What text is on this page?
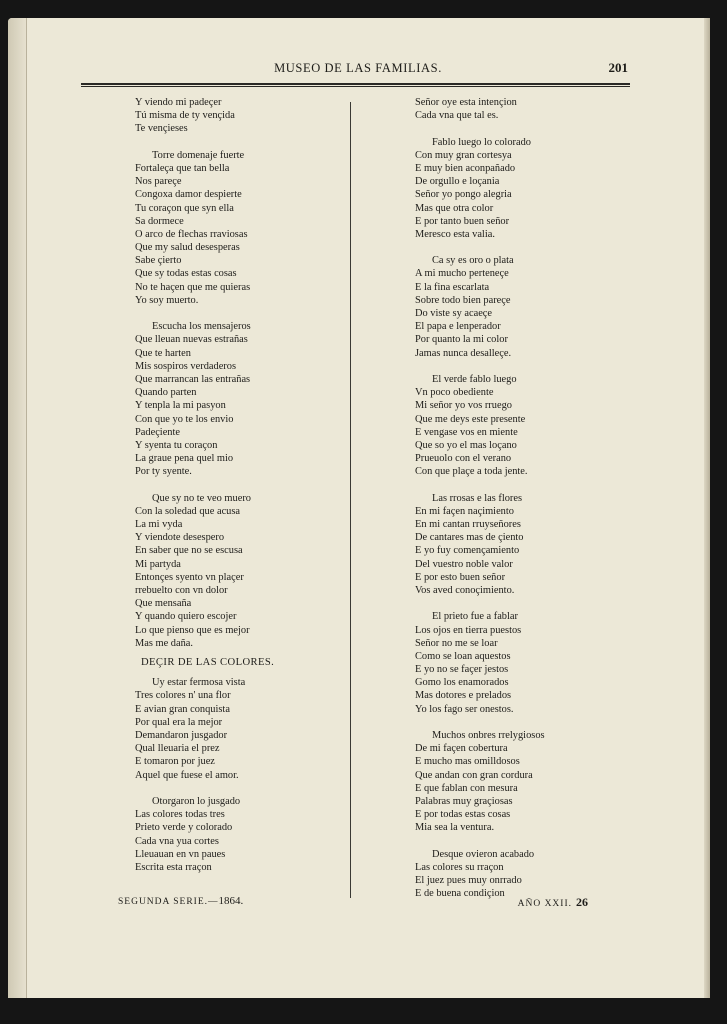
MUSEO DE LAS FAMILIAS.	201
Y viendo mi padeçer
Tú misma de ty vençida
Te vençieses
Torre domenaje fuerte
Fortaleça que tan bella
Nos pareçe
Congoxa damor despierte
Tu coraçon que syn ella
Sa dormece
O arco de flechas rraviosas
Que my salud desesperas
Sabe çierto
Que sy todas estas cosas
No te haçen que me quieras
Yo soy muerto.
Escucha los mensajeros
Que lleuan nuevas estrañas
Que te harten
Mis sospiros verdaderos
Que marrancan las entrañas
Quando parten
Y tenpla la mi pasyon
Con que yo te los envio
Padeçiente
Y syenta tu coraçon
La graue pena quel mio
Por ty syente.
Que sy no te veo muero
Con la soledad que acusa
La mi vyda
Y viendote desespero
En saber que no se escusa
Mi partyda
Entonçes syento vn plaçer
rrebuelto con vn dolor
Que mensaña
Y quando quiero escojer
Lo que pienso que es mejor
Mas me daña.
DEÇIR DE LAS COLORES.
Uy estar fermosa vista
Tres colores n' una flor
E avian gran conquista
Por qual era la mejor
Demandaron jusgador
Qual lleuaria el prez
E tomaron por juez
Aquel que fuese el amor.
Otorgaron lo jusgado
Las colores todas tres
Prieto verde y colorado
Cada vna yua cortes
Lleuauan en vn paues
Escrita esta rraçon
Señor oye esta intençion
Cada vna que tal es.
Fablo luego lo colorado
Con muy gran cortesya
E muy bien aconpañado
De orgullo e loçania
Señor yo pongo alegria
Mas que otra color
E por tanto buen señor
Meresco esta valia.
Ca sy es oro o plata
A mi mucho perteneçe
E la fina escarlata
Sobre todo bien pareçe
Do viste sy acaeçe
El papa e lenperador
Por quanto la mi color
Jamas nunca desalleçe.
El verde fablo luego
Vn poco obediente
Mi señor yo vos rruego
Que me deys este presente
E vengase vos en miente
Que so yo el mas loçano
Prueuolo con el verano
Con que plaçe a toda jente.
Las rrosas e las flores
En mi façen naçimiento
En mi cantan rruyseñores
De cantares mas de çiento
E yo fuy començamiento
Del vuestro noble valor
E por esto buen señor
Vos aved conoçimiento.
El prieto fue a fablar
Los ojos en tierra puestos
Señor no me se loar
Como se loan aquestos
E yo no se façer jestos
Gomo los enamorados
Mas dotores e prelados
Yo los fago ser onestos.
Muchos onbres rrelygiosos
De mi façen cobertura
E mucho mas omilldosos
Que andan con gran cordura
E que fablan con mesura
Palabras muy graçiosas
E por todas estas cosas
Mia sea la ventura.
Desque ovieron acabado
Las colores su rraçon
El juez pues muy onrrado
E de buena condiçion
SEGUNDA SERIE.—1864.	AÑO XXII. 26
